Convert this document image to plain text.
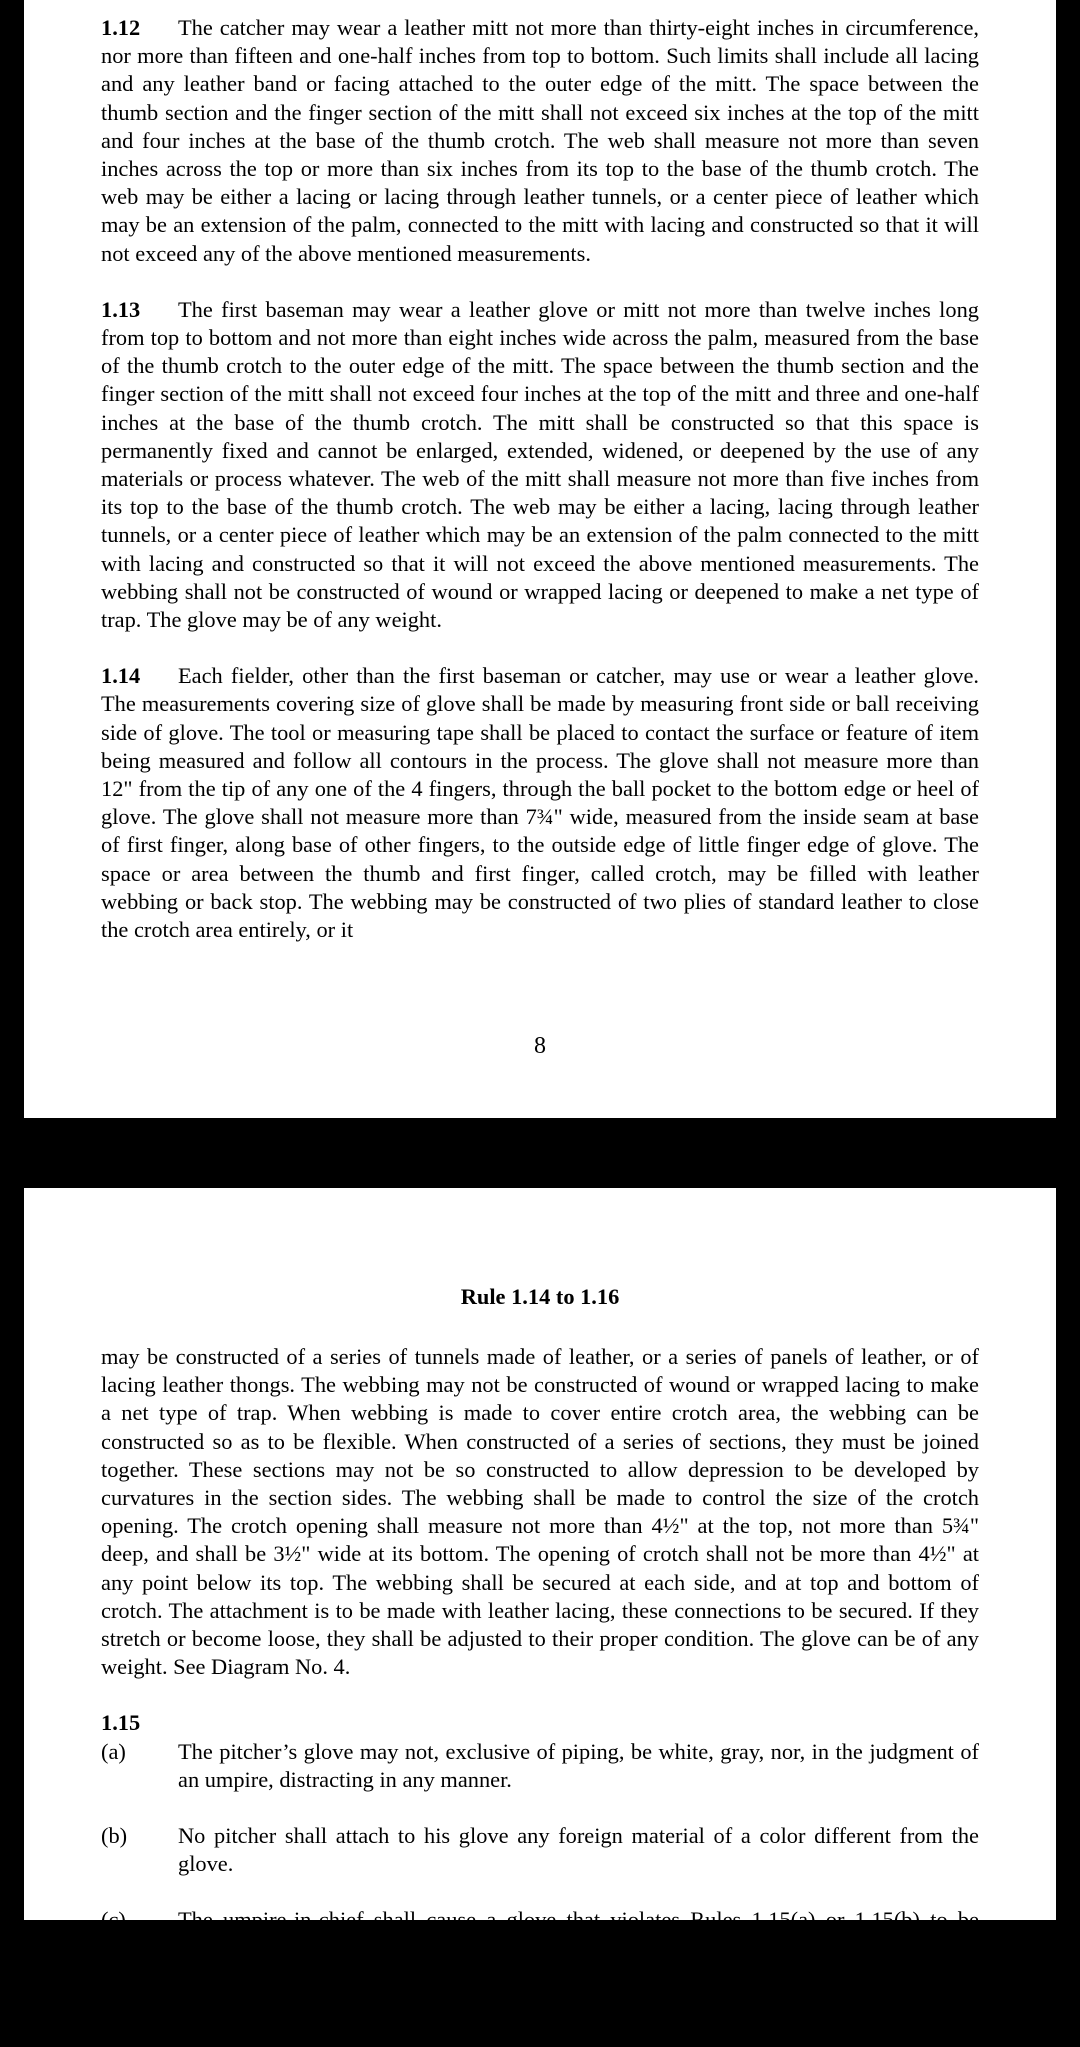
1.12 The catcher may wear a leather mitt not more than thirty-eight inches in circumference, nor more than fifteen and one-half inches from top to bottom. Such limits shall include all lacing and any leather band or facing attached to the outer edge of the mitt. The space between the thumb section and the finger section of the mitt shall not exceed six inches at the top of the mitt and four inches at the base of the thumb crotch. The web shall measure not more than seven inches across the top or more than six inches from its top to the base of the thumb crotch. The web may be either a lacing or lacing through leather tunnels, or a center piece of leather which may be an extension of the palm, connected to the mitt with lacing and constructed so that it will not exceed any of the above mentioned measurements.

1.13 The first baseman may wear a leather glove or mitt not more than twelve inches long from top to bottom and not more than eight inches wide across the palm, measured from the base of the thumb crotch to the outer edge of the mitt. The space between the thumb section and the finger section of the mitt shall not exceed four inches at the top of the mitt and three and one-half inches at the base of the thumb crotch. The mitt shall be constructed so that this space is permanently fixed and cannot be enlarged, extended, widened, or deepened by the use of any materials or process whatever. The web of the mitt shall measure not more than five inches from its top to the base of the thumb crotch. The web may be either a lacing, lacing through leather tunnels, or a center piece of leather which may be an extension of the palm connected to the mitt with lacing and constructed so that it will not exceed the above mentioned measurements. The webbing shall not be constructed of wound or wrapped lacing or deepened to make a net type of trap. The glove may be of any weight.

1.14 Each fielder, other than the first baseman or catcher, may use or wear a leather glove. The measurements covering size of glove shall be made by measuring front side or ball receiving side of glove. The tool or measuring tape shall be placed to contact the surface or feature of item being measured and follow all contours in the process. The glove shall not measure more than 12" from the tip of any one of the 4 fingers, through the ball pocket to the bottom edge or heel of glove. The glove shall not measure more than 7¾" wide, measured from the inside seam at base of first finger, along base of other fingers, to the outside edge of little finger edge of glove. The space or area between the thumb and first finger, called crotch, may be filled with leather webbing or back stop. The webbing may be constructed of two plies of standard leather to close the crotch area entirely, or it

8
Rule 1.14 to 1.16

may be constructed of a series of tunnels made of leather, or a series of panels of leather, or of lacing leather thongs. The webbing may not be constructed of wound or wrapped lacing to make a net type of trap. When webbing is made to cover entire crotch area, the webbing can be constructed so as to be flexible. When constructed of a series of sections, they must be joined together. These sections may not be so constructed to allow depression to be developed by curvatures in the section sides. The webbing shall be made to control the size of the crotch opening. The crotch opening shall measure not more than 4½" at the top, not more than 5¾" deep, and shall be 3½" wide at its bottom. The opening of crotch shall not be more than 4½" at any point below its top. The webbing shall be secured at each side, and at top and bottom of crotch. The attachment is to be made with leather lacing, these connections to be secured. If they stretch or become loose, they shall be adjusted to their proper condition. The glove can be of any weight. See Diagram No. 4.

1.15

(a)	The pitcher’s glove may not, exclusive of piping, be white, gray, nor, in the judgment of an umpire, distracting in any manner.
(b)	No pitcher shall attach to his glove any foreign material of a color different from the glove.
(c)	The umpire-in-chief shall cause a glove that violates Rules 1.15(a) or 1.15(b) to be removed from the game, either on his own initiative, at the recommendation of another umpire, or upon complaint of the opposing manager that the umpire-in-chief agrees has merit.
